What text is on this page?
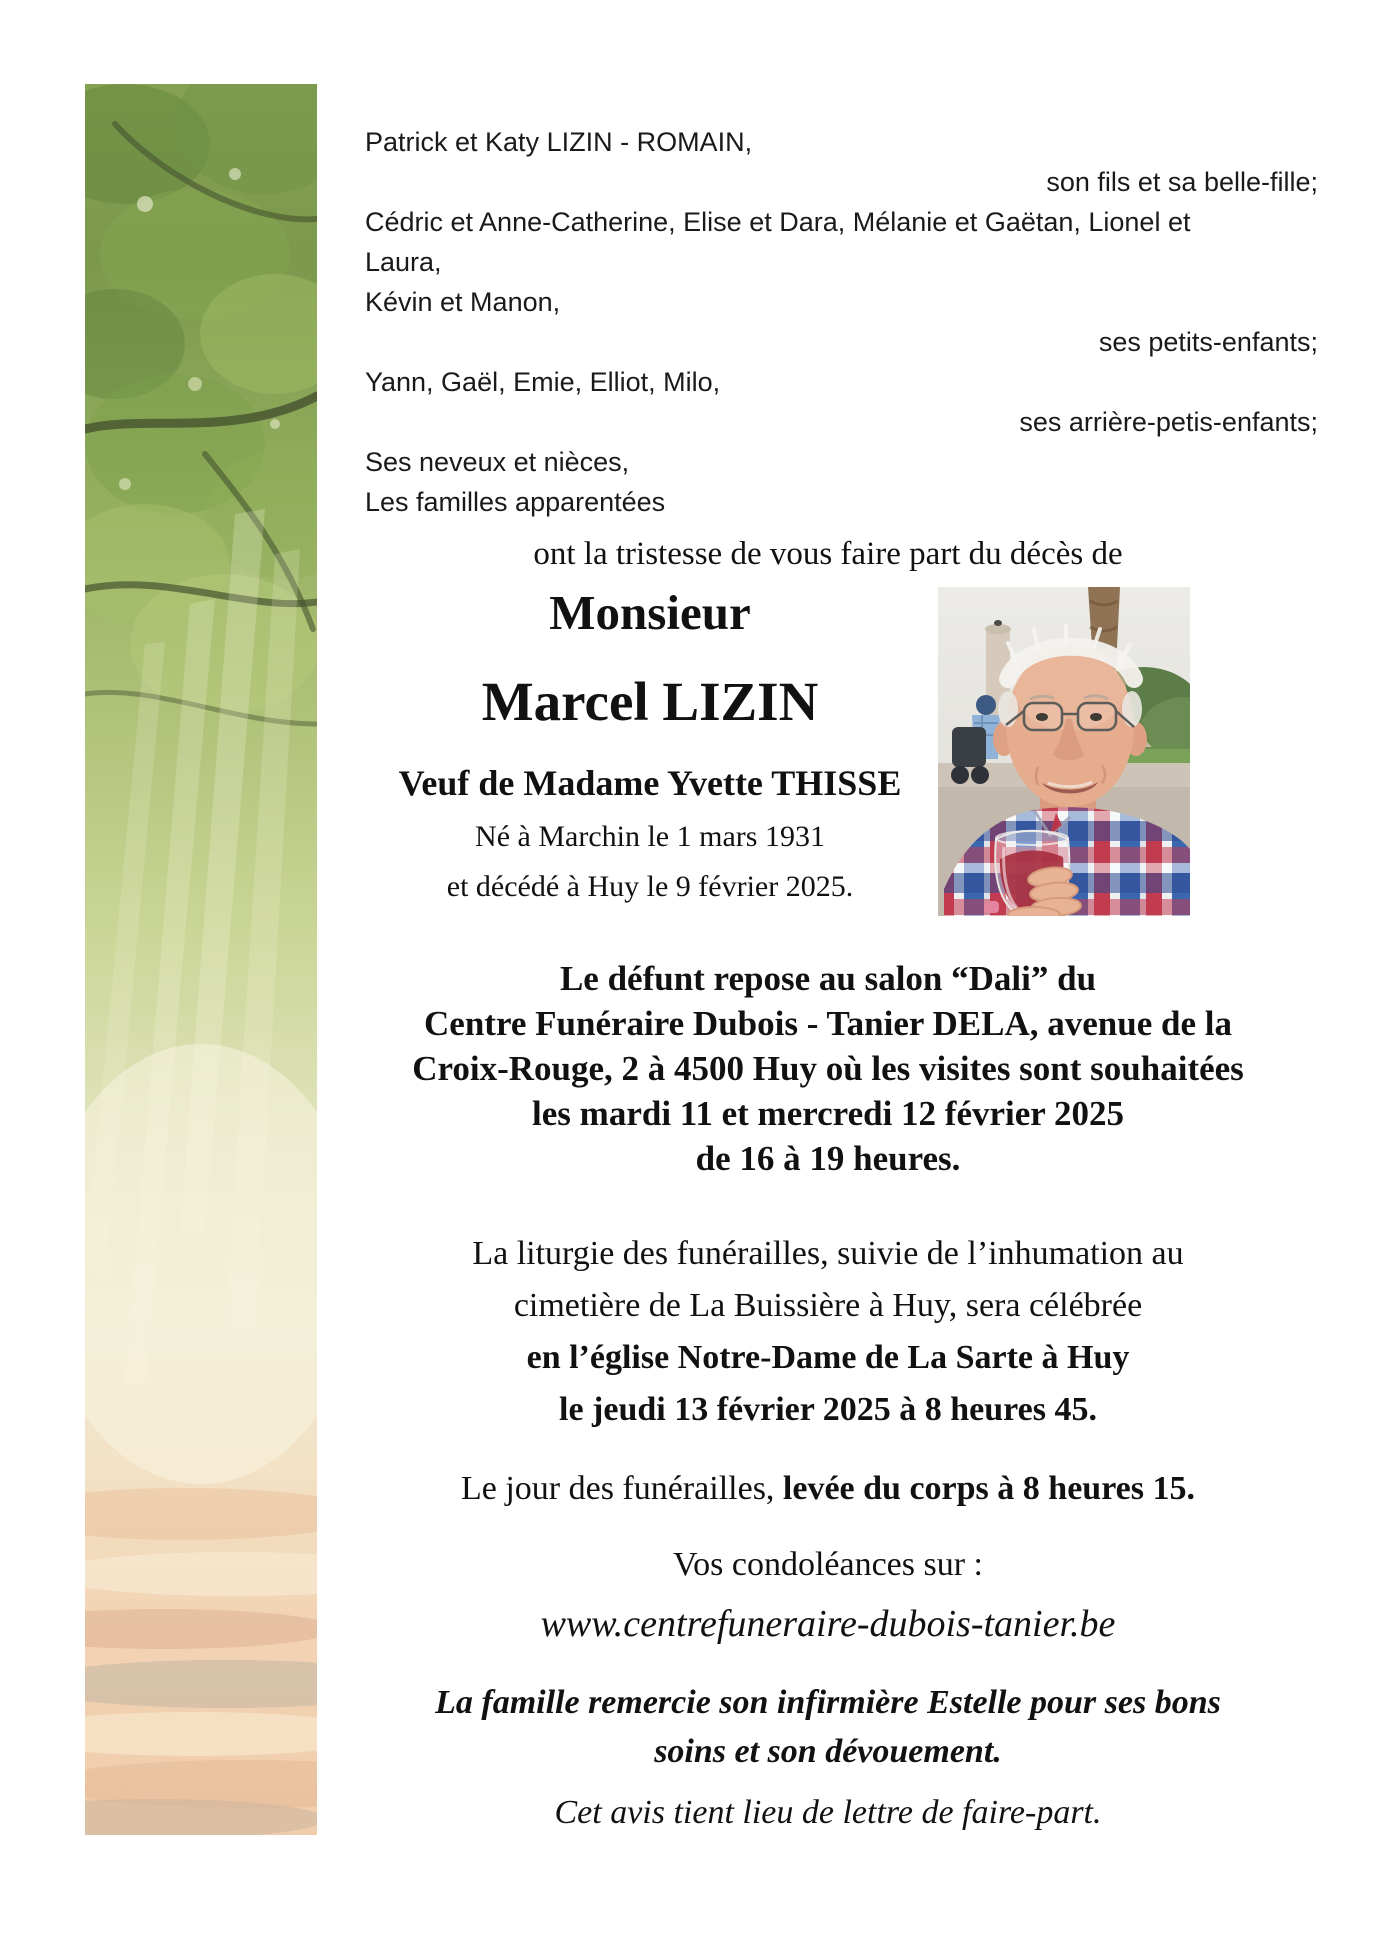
Patrick et Katy LIZIN - ROMAIN,
son fils et sa belle-fille;
Cédric et Anne-Catherine, Elise et Dara, Mélanie et Gaëtan, Lionel et
Laura,
Kévin et Manon,
ses petits-enfants;
Yann, Gaël, Emie, Elliot, Milo,
ses arrière-petis-enfants;
Ses neveux et nièces,
Les familles apparentées
ont la tristesse de vous faire part du décès de
Monsieur
Marcel LIZIN
Veuf de Madame Yvette THISSE
Né à Marchin le 1 mars 1931
et décédé à Huy le 9 février 2025.
Le défunt repose au salon “Dali” du
Centre Funéraire Dubois - Tanier DELA, avenue de la
Croix-Rouge, 2 à 4500 Huy où les visites sont souhaitées
les mardi 11 et mercredi 12 février 2025
de 16 à 19 heures.
La liturgie des funérailles, suivie de l’inhumation au
cimetière de La Buissière à Huy, sera célébrée
en l’église Notre-Dame de La Sarte à Huy
le jeudi 13 février 2025 à 8 heures 45.
Le jour des funérailles, levée du corps à 8 heures 15.
Vos condoléances sur :
www.centrefuneraire-dubois-tanier.be
La famille remercie son infirmière Estelle pour ses bons
soins et son dévouement.
Cet avis tient lieu de lettre de faire-part.
